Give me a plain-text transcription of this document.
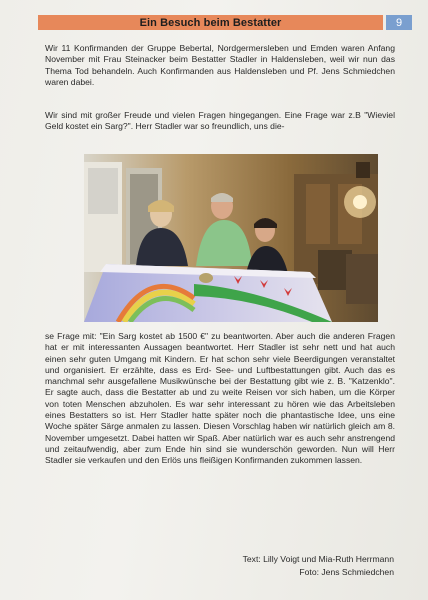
Ein Besuch beim Bestatter	9

Wir 11 Konfirmanden der Gruppe Bebertal, Nordgermersleben und Emden waren Anfang November mit Frau Steinacker beim Bestatter Stadler in Haldensleben, weil wir nun das Thema Tod behandeln. Auch Konfirmanden aus Haldensleben und Pf. Jens Schmiedchen waren dabei.

Wir sind mit großer Freude und vielen Fragen hingegangen. Eine Frage war z.B "Wieviel Geld kostet ein Sarg?". Herr Stadler war so freundlich, uns die-

se Frage mit: "Ein Sarg kostet ab 1500 €" zu beantworten. Aber auch die anderen Fragen hat er mit interessanten Aussagen beantwortet. Herr Stadler ist sehr nett und hat auch einen sehr guten Umgang mit Kindern. Er hat schon sehr viele Beerdigungen veranstaltet und organisiert. Er erzählte, dass es Erd- See- und Luftbestattungen gibt. Auch das es manchmal sehr ausgefallene Musikwünsche bei der Bestattung gibt wie z. B. "Katzenklo". Er sagte auch, dass die Bestatter ab und zu weite Reisen vor sich haben, um die Körper von toten Menschen abzuholen. Es war sehr interessant zu hören wie das Arbeitsleben eines Bestatters so ist. Herr Stadler hatte später noch die phantastische Idee, uns eine Woche später Särge anmalen zu lassen. Diesen Vorschlag haben wir natürlich gleich am 8. November umgesetzt. Dabei hatten wir Spaß. Aber natürlich war es auch sehr anstrengend und zeitaufwendig, aber zum Ende hin sind sie wunderschön geworden. Nun will Herr Stadler sie verkaufen und den Erlös uns fleißigen Konfirmanden zukommen lassen.

Text: Lilly Voigt und Mia-Ruth Herrmann
Foto: Jens Schmiedchen
